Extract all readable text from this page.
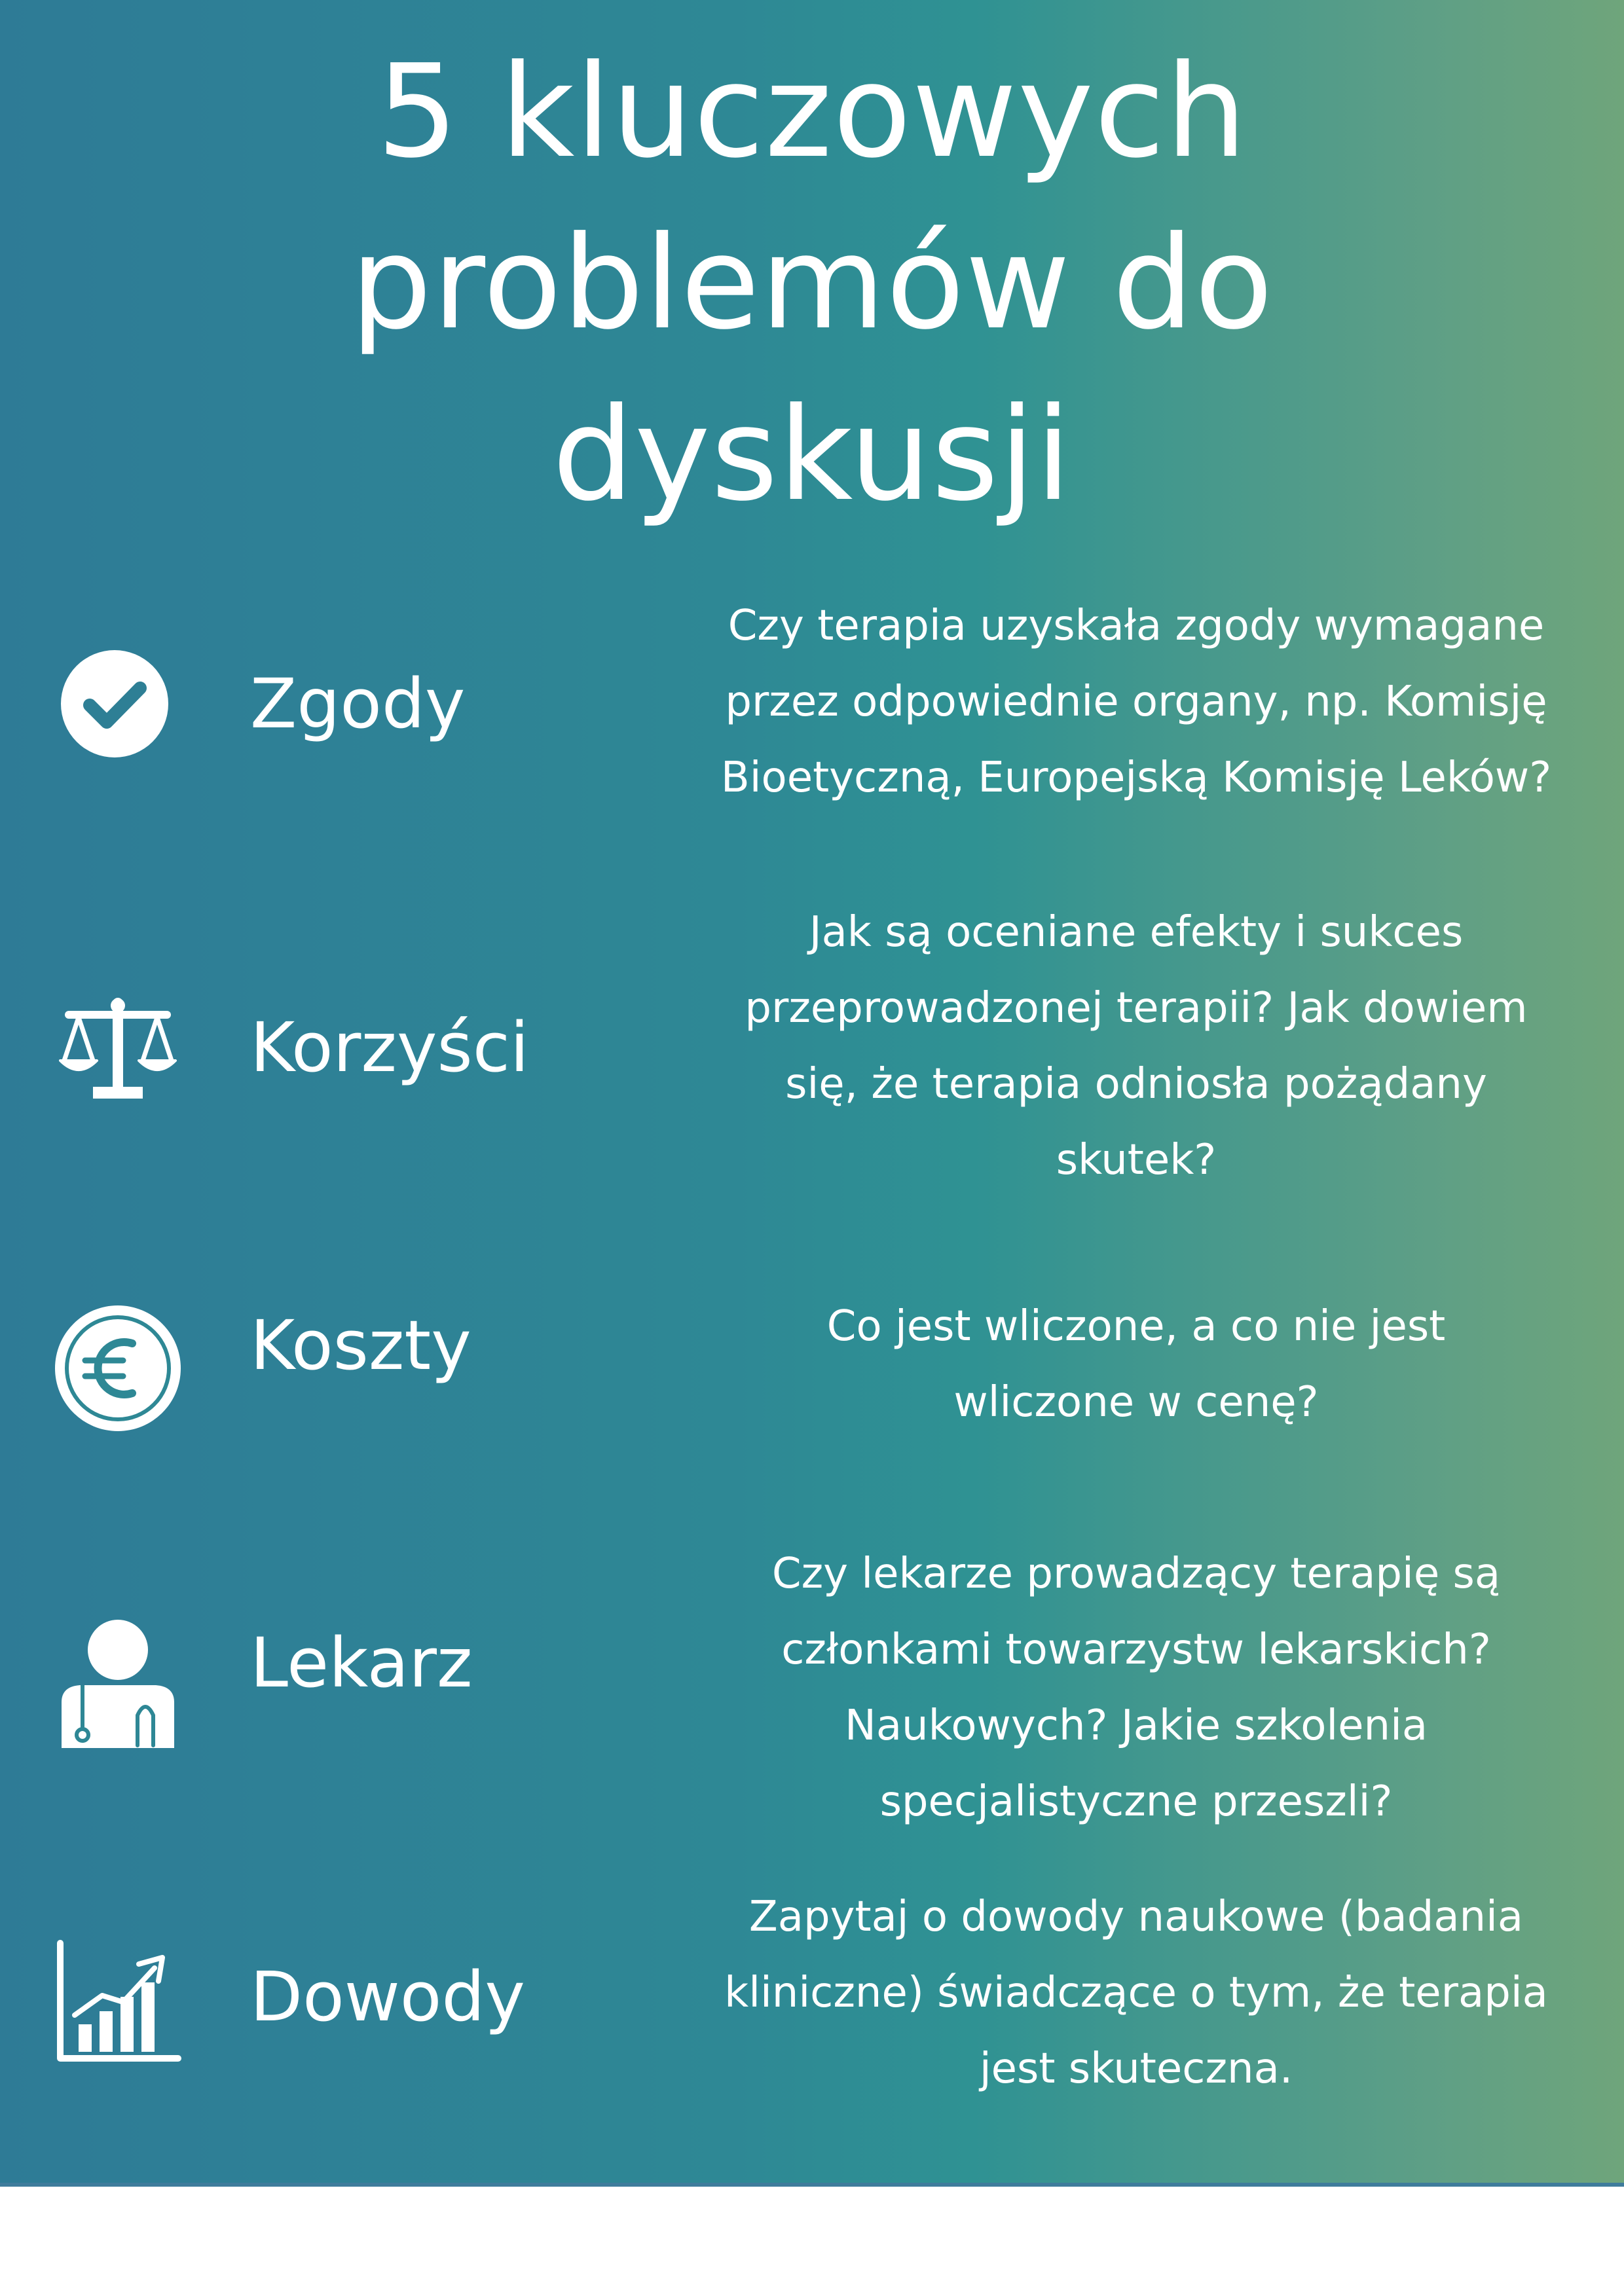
5 kluczowych
problemów do
dyskusji
Zgody
Czy terapia uzyskała zgody wymagane
przez odpowiednie organy, np. Komisję
Bioetyczną, Europejską Komisję Leków?
Korzyści
Jak są oceniane efekty i sukces
przeprowadzonej terapii? Jak dowiem
się, że terapia odniosła pożądany
skutek?
Koszty	Co jest wliczone, a co nie jest
wliczone w cenę?
Lekarz
Czy lekarze prowadzący terapię są
członkami towarzystw lekarskich?
Naukowych? Jakie szkolenia
specjalistyczne przeszli?
Dowody
Zapytaj o dowody naukowe (badania
kliniczne) świadczące o tym, że terapia
jest skuteczna.
